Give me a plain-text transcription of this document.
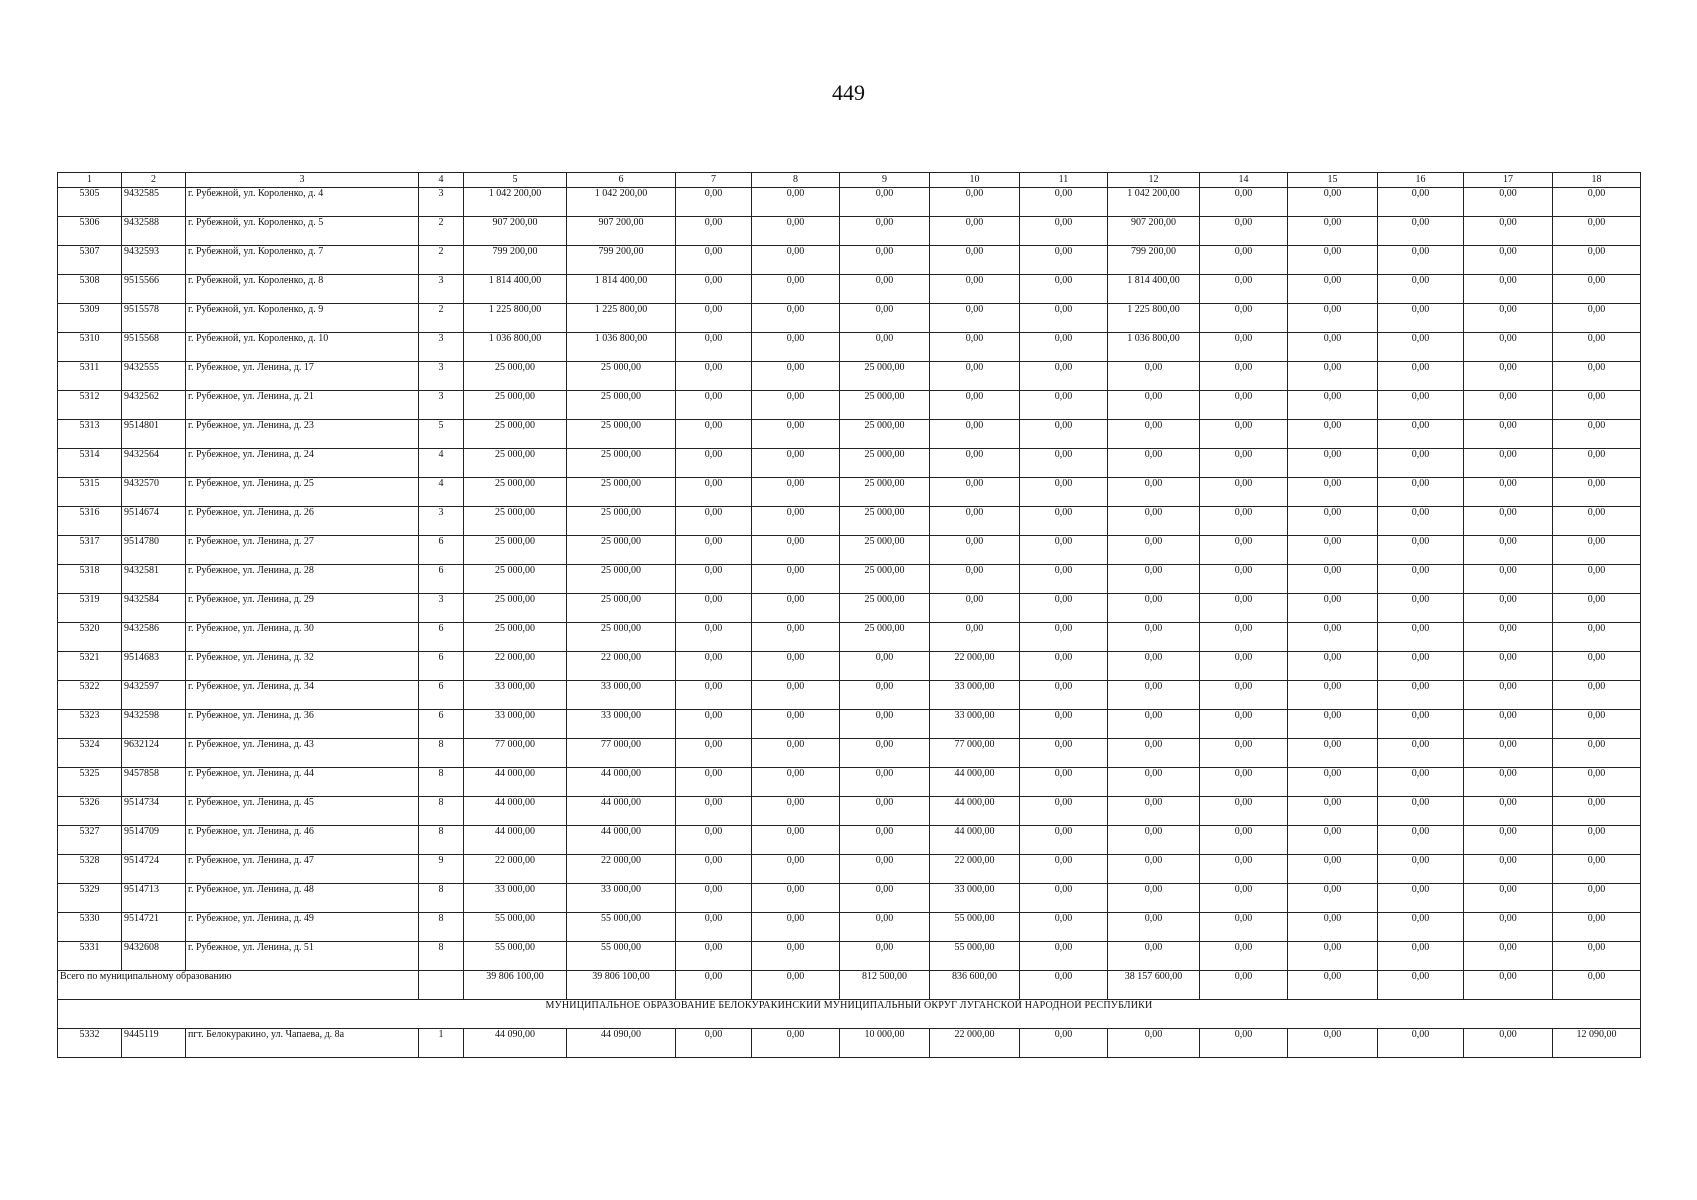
449
1	2	3	4	5	6	7	8	9	10	11	12	14	15	16	17	18
5305	9432585	г. Рубежной, ул. Короленко, д. 4	3	1 042 200,00	1 042 200,00	0,00	0,00	0,00	0,00	0,00	1 042 200,00	0,00	0,00	0,00	0,00	0,00
5306	9432588	г. Рубежной, ул. Короленко, д. 5	2	907 200,00	907 200,00	0,00	0,00	0,00	0,00	0,00	907 200,00	0,00	0,00	0,00	0,00	0,00
5307	9432593	г. Рубежной, ул. Короленко, д. 7	2	799 200,00	799 200,00	0,00	0,00	0,00	0,00	0,00	799 200,00	0,00	0,00	0,00	0,00	0,00
5308	9515566	г. Рубежной, ул. Короленко, д. 8	3	1 814 400,00	1 814 400,00	0,00	0,00	0,00	0,00	0,00	1 814 400,00	0,00	0,00	0,00	0,00	0,00
5309	9515578	г. Рубежной, ул. Короленко, д. 9	2	1 225 800,00	1 225 800,00	0,00	0,00	0,00	0,00	0,00	1 225 800,00	0,00	0,00	0,00	0,00	0,00
5310	9515568	г. Рубежной, ул. Короленко, д. 10	3	1 036 800,00	1 036 800,00	0,00	0,00	0,00	0,00	0,00	1 036 800,00	0,00	0,00	0,00	0,00	0,00
5311	9432555	г. Рубежное, ул. Ленина, д. 17	3	25 000,00	25 000,00	0,00	0,00	25 000,00	0,00	0,00	0,00	0,00	0,00	0,00	0,00	0,00
5312	9432562	г. Рубежное, ул. Ленина, д. 21	3	25 000,00	25 000,00	0,00	0,00	25 000,00	0,00	0,00	0,00	0,00	0,00	0,00	0,00	0,00
5313	9514801	г. Рубежное, ул. Ленина, д. 23	5	25 000,00	25 000,00	0,00	0,00	25 000,00	0,00	0,00	0,00	0,00	0,00	0,00	0,00	0,00
5314	9432564	г. Рубежное, ул. Ленина, д. 24	4	25 000,00	25 000,00	0,00	0,00	25 000,00	0,00	0,00	0,00	0,00	0,00	0,00	0,00	0,00
5315	9432570	г. Рубежное, ул. Ленина, д. 25	4	25 000,00	25 000,00	0,00	0,00	25 000,00	0,00	0,00	0,00	0,00	0,00	0,00	0,00	0,00
5316	9514674	г. Рубежное, ул. Ленина, д. 26	3	25 000,00	25 000,00	0,00	0,00	25 000,00	0,00	0,00	0,00	0,00	0,00	0,00	0,00	0,00
5317	9514780	г. Рубежное, ул. Ленина, д. 27	6	25 000,00	25 000,00	0,00	0,00	25 000,00	0,00	0,00	0,00	0,00	0,00	0,00	0,00	0,00
5318	9432581	г. Рубежное, ул. Ленина, д. 28	6	25 000,00	25 000,00	0,00	0,00	25 000,00	0,00	0,00	0,00	0,00	0,00	0,00	0,00	0,00
5319	9432584	г. Рубежное, ул. Ленина, д. 29	3	25 000,00	25 000,00	0,00	0,00	25 000,00	0,00	0,00	0,00	0,00	0,00	0,00	0,00	0,00
5320	9432586	г. Рубежное, ул. Ленина, д. 30	6	25 000,00	25 000,00	0,00	0,00	25 000,00	0,00	0,00	0,00	0,00	0,00	0,00	0,00	0,00
5321	9514683	г. Рубежное, ул. Ленина, д. 32	6	22 000,00	22 000,00	0,00	0,00	0,00	22 000,00	0,00	0,00	0,00	0,00	0,00	0,00	0,00
5322	9432597	г. Рубежное, ул. Ленина, д. 34	6	33 000,00	33 000,00	0,00	0,00	0,00	33 000,00	0,00	0,00	0,00	0,00	0,00	0,00	0,00
5323	9432598	г. Рубежное, ул. Ленина, д. 36	6	33 000,00	33 000,00	0,00	0,00	0,00	33 000,00	0,00	0,00	0,00	0,00	0,00	0,00	0,00
5324	9632124	г. Рубежное, ул. Ленина, д. 43	8	77 000,00	77 000,00	0,00	0,00	0,00	77 000,00	0,00	0,00	0,00	0,00	0,00	0,00	0,00
5325	9457858	г. Рубежное, ул. Ленина, д. 44	8	44 000,00	44 000,00	0,00	0,00	0,00	44 000,00	0,00	0,00	0,00	0,00	0,00	0,00	0,00
5326	9514734	г. Рубежное, ул. Ленина, д. 45	8	44 000,00	44 000,00	0,00	0,00	0,00	44 000,00	0,00	0,00	0,00	0,00	0,00	0,00	0,00
5327	9514709	г. Рубежное, ул. Ленина, д. 46	8	44 000,00	44 000,00	0,00	0,00	0,00	44 000,00	0,00	0,00	0,00	0,00	0,00	0,00	0,00
5328	9514724	г. Рубежное, ул. Ленина, д. 47	9	22 000,00	22 000,00	0,00	0,00	0,00	22 000,00	0,00	0,00	0,00	0,00	0,00	0,00	0,00
5329	9514713	г. Рубежное, ул. Ленина, д. 48	8	33 000,00	33 000,00	0,00	0,00	0,00	33 000,00	0,00	0,00	0,00	0,00	0,00	0,00	0,00
5330	9514721	г. Рубежное, ул. Ленина, д. 49	8	55 000,00	55 000,00	0,00	0,00	0,00	55 000,00	0,00	0,00	0,00	0,00	0,00	0,00	0,00
5331	9432608	г. Рубежное, ул. Ленина, д. 51	8	55 000,00	55 000,00	0,00	0,00	0,00	55 000,00	0,00	0,00	0,00	0,00	0,00	0,00	0,00
Всего по муниципальному образованию				39 806 100,00	39 806 100,00	0,00	0,00	812 500,00	836 600,00	0,00	38 157 600,00	0,00	0,00	0,00	0,00	0,00
МУНИЦИПАЛЬНОЕ ОБРАЗОВАНИЕ БЕЛОКУРАКИНСКИЙ МУНИЦИПАЛЬНЫЙ ОКРУГ ЛУГАНСКОЙ НАРОДНОЙ РЕСПУБЛИКИ																
5332	9445119	пгт. Белокуракино, ул. Чапаева, д. 8а	1	44 090,00	44 090,00	0,00	0,00	10 000,00	22 000,00	0,00	0,00	0,00	0,00	0,00	0,00	12 090,00
